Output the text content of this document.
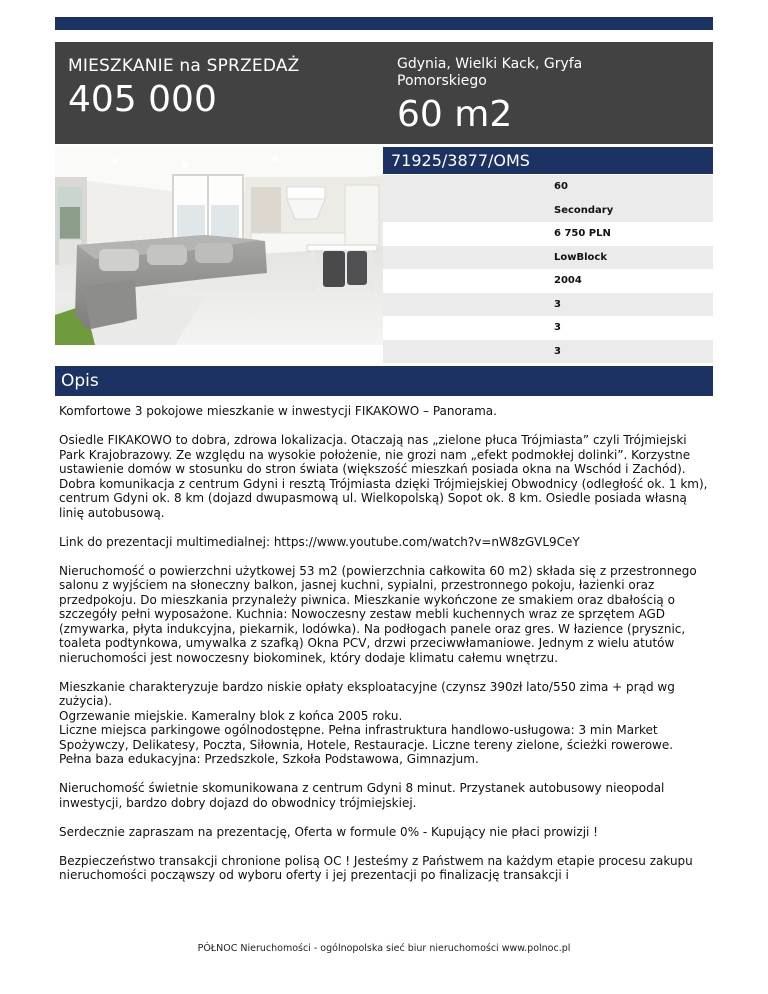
MIESZKANIE na SPRZEDAŻ
405 000
Gdynia, Wielki Kack, Gryfa Pomorskiego
60 m2
71925/3877/OMS
60
Secondary
6 750 PLN
LowBlock
2004
3
3
3
Opis

Komfortowe 3 pokojowe mieszkanie w inwestycji FIKAKOWO – Panorama.

Osiedle FIKAKOWO to dobra, zdrowa lokalizacja. Otaczają nas „zielone płuca Trójmiasta” czyli Trójmiejski Park Krajobrazowy. Ze względu na wysokie położenie, nie grozi nam „efekt podmokłej dolinki”. Korzystne ustawienie domów w stosunku do stron świata (większość mieszkań posiada okna na Wschód i Zachód). Dobra komunikacja z centrum Gdyni i resztą Trójmiasta dzięki Trójmiejskiej Obwodnicy (odległość ok. 1 km), centrum Gdyni ok. 8 km (dojazd dwupasmową ul. Wielkopolską) Sopot ok. 8 km. Osiedle posiada własną linię autobusową.

Link do prezentacji multimedialnej: https://www.youtube.com/watch?v=nW8zGVL9CeY

Nieruchomość o powierzchni użytkowej 53 m2 (powierzchnia całkowita 60 m2) składa się z przestronnego salonu z wyjściem na słoneczny balkon, jasnej kuchni, sypialni, przestronnego pokoju, łazienki oraz przedpokoju. Do mieszkania przynależy piwnica. Mieszkanie wykończone ze smakiem oraz dbałością o szczegóły pełni wyposażone. Kuchnia: Nowoczesny zestaw mebli kuchennych wraz ze sprzętem AGD (zmywarka, płyta indukcyjna, piekarnik, lodówka). Na podłogach panele oraz gres. W łazience (prysznic, toaleta podtynkowa, umywalka z szafką) Okna PCV, drzwi przeciwwłamaniowe. Jednym z wielu atutów nieruchomości jest nowoczesny biokominek, który dodaje klimatu całemu wnętrzu.

Mieszkanie charakteryzuje bardzo niskie opłaty eksploatacyjne (czynsz 390zł lato/550 zima + prąd wg zużycia).
Ogrzewanie miejskie. Kameralny blok z końca 2005 roku.
Liczne miejsca parkingowe ogólnodostępne. Pełna infrastruktura handlowo-usługowa: 3 min Market Spożywczy, Delikatesy, Poczta, Siłownia, Hotele, Restauracje. Liczne tereny zielone, ścieżki rowerowe. Pełna baza edukacyjna: Przedszkole, Szkoła Podstawowa, Gimnazjum.

Nieruchomość świetnie skomunikowana z centrum Gdyni 8 minut. Przystanek autobusowy nieopodal inwestycji, bardzo dobry dojazd do obwodnicy trójmiejskiej.

Serdecznie zapraszam na prezentację, Oferta w formule 0% - Kupujący nie płaci prowizji !

Bezpieczeństwo transakcji chronione polisą OC ! Jesteśmy z Państwem na każdym etapie procesu zakupu nieruchomości począwszy od wyboru oferty i jej prezentacji po finalizację transakcji i

PÓŁNOC Nieruchomości - ogólnopolska sieć biur nieruchomości www.polnoc.pl
